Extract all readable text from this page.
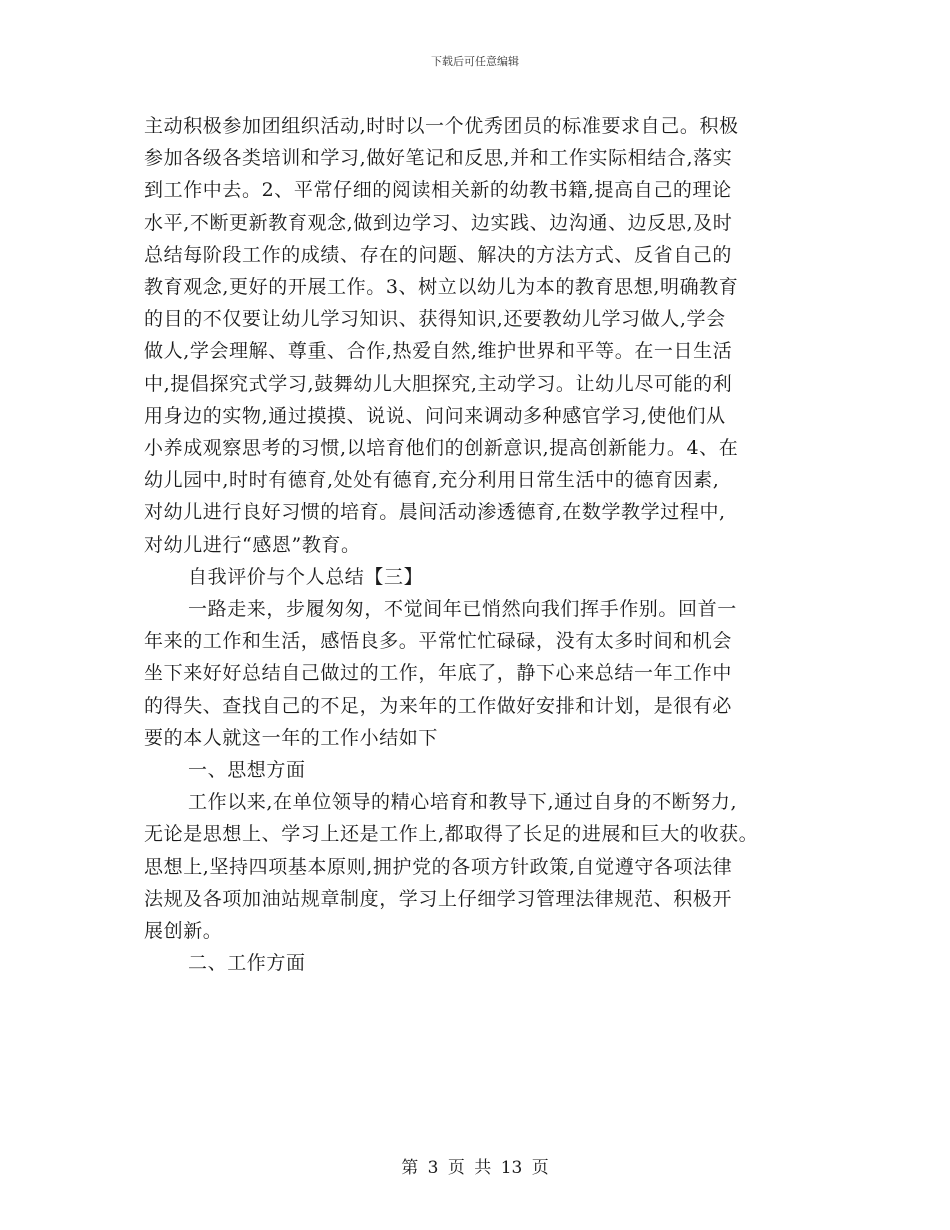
下载后可任意编辑
主动积极参加团组织活动,时时以一个优秀团员的标准要求自己。积极
参加各级各类培训和学习,做好笔记和反思,并和工作实际相结合,落实
到工作中去。2、平常仔细的阅读相关新的幼教书籍,提高自己的理论
水平,不断更新教育观念,做到边学习、边实践、边沟通、边反思,及时
总结每阶段工作的成绩、存在的问题、解决的方法方式、反省自己的
教育观念,更好的开展工作。3、树立以幼儿为本的教育思想,明确教育
的目的不仅要让幼儿学习知识、获得知识,还要教幼儿学习做人,学会
做人,学会理解、尊重、合作,热爱自然,维护世界和平等。在一日生活
中,提倡探究式学习,鼓舞幼儿大胆探究,主动学习。让幼儿尽可能的利
用身边的实物,通过摸摸、说说、问问来调动多种感官学习,使他们从
小养成观察思考的习惯,以培育他们的创新意识,提高创新能力。4、在
幼儿园中,时时有德育,处处有德育,充分利用日常生活中的德育因素,
对幼儿进行良好习惯的培育。晨间活动渗透德育,在数学教学过程中,
对幼儿进行“感恩”教育。
自我评价与个人总结【三】
一路走来，步履匆匆，不觉间年已悄然向我们挥手作别。回首一
年来的工作和生活，感悟良多。平常忙忙碌碌，没有太多时间和机会
坐下来好好总结自己做过的工作，年底了，静下心来总结一年工作中
的得失、查找自己的不足，为来年的工作做好安排和计划，是很有必
要的本人就这一年的工作小结如下
一、思想方面
工作以来,在单位领导的精心培育和教导下,通过自身的不断努力,
无论是思想上、学习上还是工作上,都取得了长足的进展和巨大的收获。
思想上,坚持四项基本原则,拥护党的各项方针政策,自觉遵守各项法律
法规及各项加油站规章制度，学习上仔细学习管理法律规范、积极开
展创新。
二、工作方面
第 3 页 共 13 页
